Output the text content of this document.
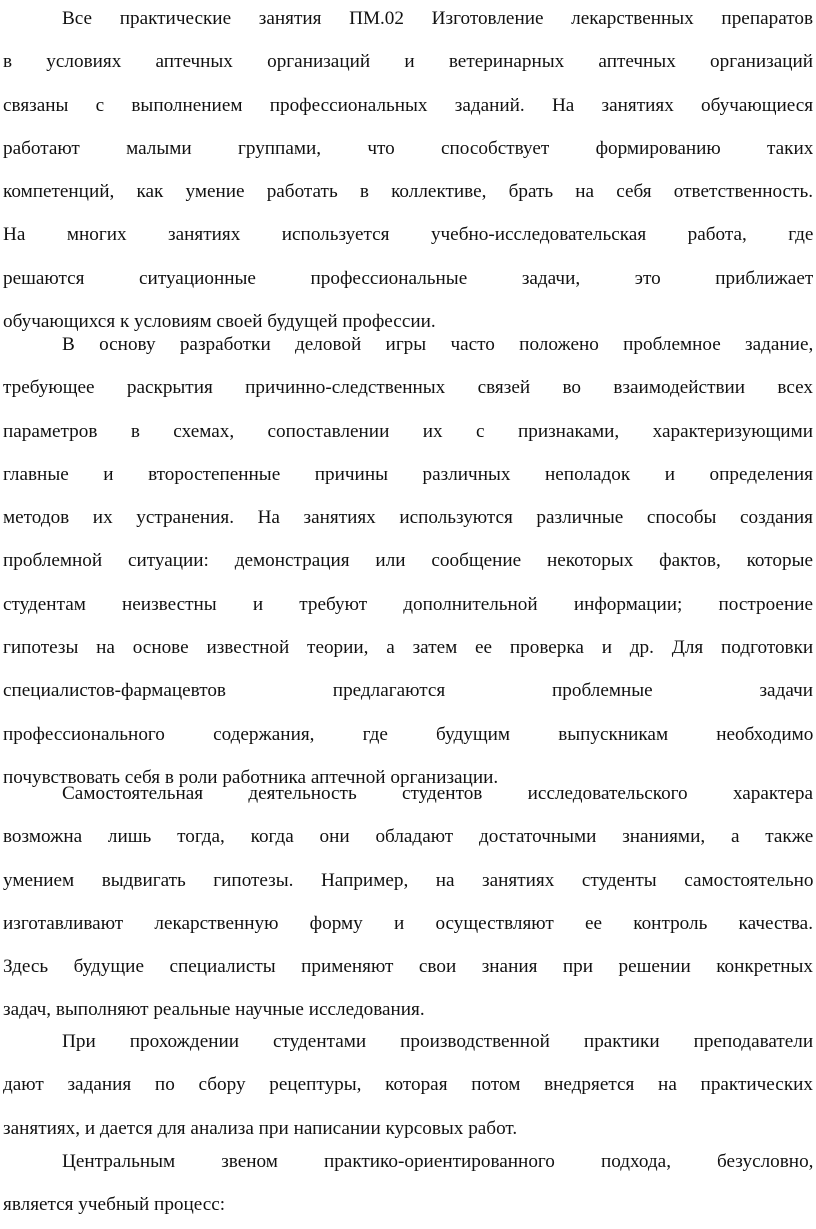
Все практические занятия ПМ.02 Изготовление лекарственных препаратов
в условиях аптечных организаций и ветеринарных аптечных организаций
связаны с выполнением профессиональных заданий. На занятиях обучающиеся
работают малыми группами, что способствует формированию таких
компетенций, как умение работать в коллективе, брать на себя ответственность.
На многих занятиях используется учебно-исследовательская работа, где
решаются ситуационные профессиональные задачи, это приближает
обучающихся к условиям своей будущей профессии.
В основу разработки деловой игры часто положено проблемное задание,
требующее раскрытия причинно-следственных связей во взаимодействии всех
параметров в схемах, сопоставлении их с признаками, характеризующими
главные и второстепенные причины различных неполадок и определения
методов их устранения. На занятиях используются различные способы создания
проблемной ситуации: демонстрация или сообщение некоторых фактов, которые
студентам неизвестны и требуют дополнительной информации; построение
гипотезы на основе известной теории, а затем ее проверка и др. Для подготовки
специалистов-фармацевтов предлагаются проблемные задачи
профессионального содержания, где будущим выпускникам необходимо
почувствовать себя в роли работника аптечной организации.
Самостоятельная деятельность студентов исследовательского характера
возможна лишь тогда, когда они обладают достаточными знаниями, а также
умением выдвигать гипотезы. Например, на занятиях студенты самостоятельно
изготавливают лекарственную форму и осуществляют ее контроль качества.
Здесь будущие специалисты применяют свои знания при решении конкретных
задач, выполняют реальные научные исследования.
При прохождении студентами производственной практики преподаватели
дают задания по сбору рецептуры, которая потом внедряется на практических
занятиях, и дается для анализа при написании курсовых работ.
Центральным звеном практико-ориентированного подхода, безусловно,
является учебный процесс:
